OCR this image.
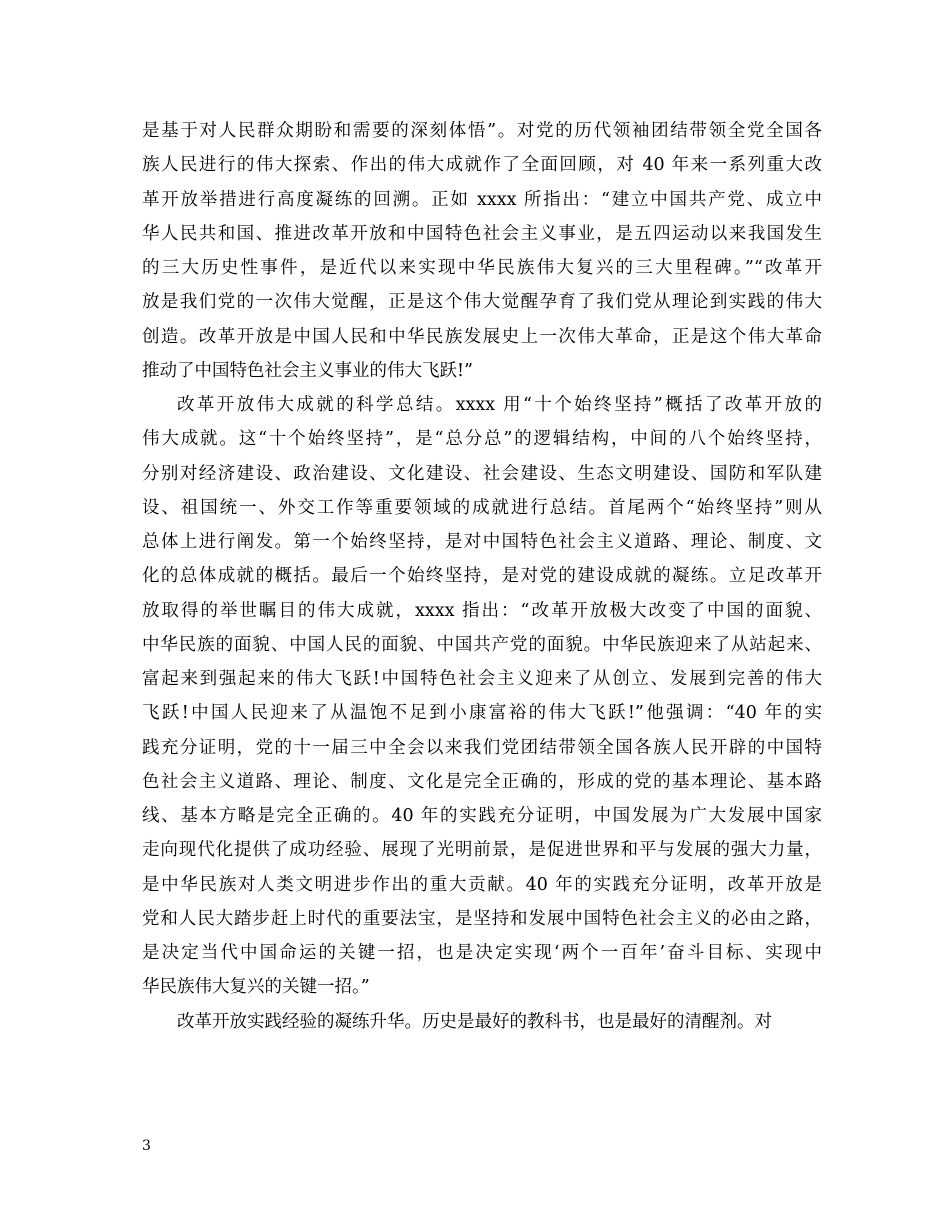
是基于对人民群众期盼和需要的深刻体悟”。对党的历代领袖团结带领全党全国各
族人民进行的伟大探索、作出的伟大成就作了全面回顾，对 40 年来一系列重大改
革开放举措进行高度凝练的回溯。正如 xxxx 所指出：“建立中国共产党、成立中
华人民共和国、推进改革开放和中国特色社会主义事业，是五四运动以来我国发生
的三大历史性事件，是近代以来实现中华民族伟大复兴的三大里程碑。”“改革开
放是我们党的一次伟大觉醒，正是这个伟大觉醒孕育了我们党从理论到实践的伟大
创造。改革开放是中国人民和中华民族发展史上一次伟大革命，正是这个伟大革命
推动了中国特色社会主义事业的伟大飞跃!”
改革开放伟大成就的科学总结。xxxx 用“十个始终坚持”概括了改革开放的
伟大成就。这“十个始终坚持”，是“总分总”的逻辑结构，中间的八个始终坚持，
分别对经济建设、政治建设、文化建设、社会建设、生态文明建设、国防和军队建
设、祖国统一、外交工作等重要领域的成就进行总结。首尾两个“始终坚持”则从
总体上进行阐发。第一个始终坚持，是对中国特色社会主义道路、理论、制度、文
化的总体成就的概括。最后一个始终坚持，是对党的建设成就的凝练。立足改革开
放取得的举世瞩目的伟大成就，xxxx 指出：“改革开放极大改变了中国的面貌、
中华民族的面貌、中国人民的面貌、中国共产党的面貌。中华民族迎来了从站起来、
富起来到强起来的伟大飞跃!中国特色社会主义迎来了从创立、发展到完善的伟大
飞跃!中国人民迎来了从温饱不足到小康富裕的伟大飞跃!”他强调：“40 年的实
践充分证明，党的十一届三中全会以来我们党团结带领全国各族人民开辟的中国特
色社会主义道路、理论、制度、文化是完全正确的，形成的党的基本理论、基本路
线、基本方略是完全正确的。40 年的实践充分证明，中国发展为广大发展中国家
走向现代化提供了成功经验、展现了光明前景，是促进世界和平与发展的强大力量，
是中华民族对人类文明进步作出的重大贡献。40 年的实践充分证明，改革开放是
党和人民大踏步赶上时代的重要法宝，是坚持和发展中国特色社会主义的必由之路，
是决定当代中国命运的关键一招，也是决定实现‘两个一百年’奋斗目标、实现中
华民族伟大复兴的关键一招。”
改革开放实践经验的凝练升华。历史是最好的教科书，也是最好的清醒剂。对
3
